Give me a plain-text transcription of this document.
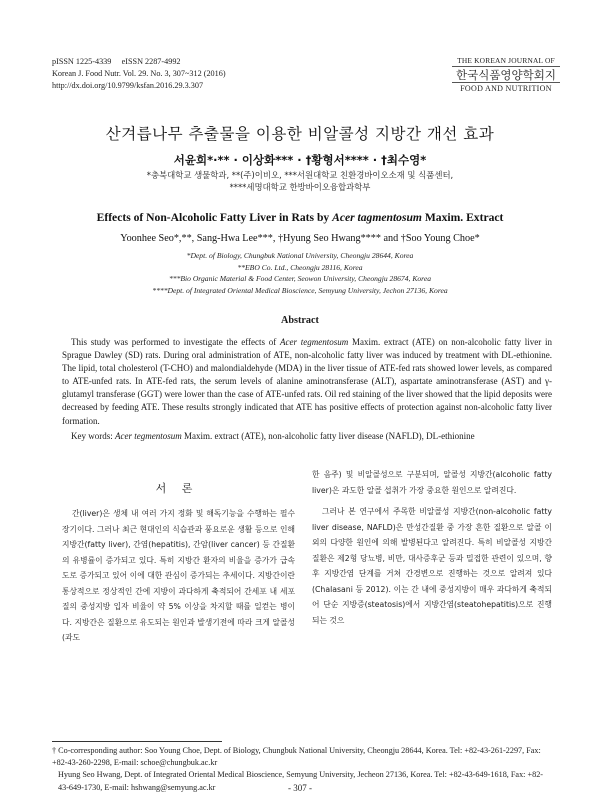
pISSN 1225-4339     eISSN 2287-4992
Korean J. Food Nutr. Vol. 29. No. 3, 307~312 (2016)
http://dx.doi.org/10.9799/ksfan.2016.29.3.307
THE KOREAN JOURNAL OF
한국식품영양학회지
FOOD AND NUTRITION
산겨릅나무 추출물을 이용한 비알콜성 지방간 개선 효과
서윤희*·** · 이상화*** · †황형서**** · †최수영*
*충북대학교 생물학과, **(주)이비오, ***서원대학교 친환경바이오소재 및 식품센터,
****세명대학교 한방바이오융합과학부
Effects of Non-Alcoholic Fatty Liver in Rats by Acer tagmentosum Maxim. Extract
Yoonhee Seo*,**, Sang-Hwa Lee***, †Hyung Seo Hwang**** and †Soo Young Choe*
*Dept. of Biology, Chungbuk National University, Cheongju 28644, Korea
**EBO Co. Ltd., Cheongju 28116, Korea
***Bio Organic Material & Food Center, Seowon University, Cheongju 28674, Korea
****Dept. of Integrated Oriental Medical Bioscience, Semyung University, Jechon 27136, Korea
Abstract

This study was performed to investigate the effects of Acer tegmentosum Maxim. extract (ATE) on non-alcoholic fatty liver in Sprague Dawley (SD) rats. During oral administration of ATE, non-alcoholic fatty liver was induced by treatment with DL-ethionine. The lipid, total cholesterol (T-CHO) and malondialdehyde (MDA) in the liver tissue of ATE-fed rats showed lower levels, as compared to ATE-unfed rats. In ATE-fed rats, the serum levels of alanine aminotransferase (ALT), aspartate aminotransferase (AST) and γ-glutamyl transferase (GGT) were lower than the case of ATE-unfed rats. Oil red staining of the liver showed that the lipid deposits were decreased by feeding ATE. These results strongly indicated that ATE has positive effects of protection against non-alcoholic fatty liver formation.

Key words: Acer tegmentosum Maxim. extract (ATE), non-alcoholic fatty liver disease (NAFLD), DL-ethionine

서 론

간(liver)은 생체 내 여러 가지 정화 및 해독기능을 수행하는 필수 장기이다. 그러나 최근 현대인의 식습관과 풍요로운 생활 등으로 인해 지방간(fatty liver), 간염(hepatitis), 간암(liver cancer) 등 간질환의 유병률이 증가되고 있다. 특히 지방간 환자의 비율을 증가가 급속도로 증가되고 있어 이에 대한 관심이 증가되는 추세이다. 지방간이란 통상적으로 정상적인 간에 지방이 과다하게 축적되어 간세포 내 세포질의 중성지방 입자 비율이 약 5% 이상을 차지할 때를 일컫는 병이다. 지방간은 질환으로 유도되는 원인과 발생기전에 따라 크게 알콜성(과도

한 음주) 및 비알콜성으로 구분되며, 알콜성 지방간(alcoholic fatty liver)은 과도한 알콜 섭취가 가장 중요한 원인으로 알려진다.

그러나 본 연구에서 주목한 비알콜성 지방간(non-alcoholic fatty liver disease, NAFLD)은 만성간질환 중 가장 흔한 질환으로 알콜 이외의 다양한 원인에 의해 발병된다고 알려진다. 특히 비알콜성 지방간 질환은 제2형 당뇨병, 비만, 대사증후군 등과 밀접한 관련이 있으며, 향후 지방간염 단계를 거쳐 간경변으로 진행하는 것으로 알려져 있다(Chalasani 등 2012). 이는 간 내에 중성지방이 매우 과다하게 축적되어 단순 지방증(steatosis)에서 지방간염(steatohepatitis)으로 진행되는 것으

† Co-corresponding author: Soo Young Choe, Dept. of Biology, Chungbuk National University, Cheongju 28644, Korea. Tel: +82-43-261-2297, Fax: +82-43-260-2298, E-mail: schoe@chungbuk.ac.kr

Hyung Seo Hwang, Dept. of Integrated Oriental Medical Bioscience, Semyung University, Jecheon 27136, Korea. Tel: +82-43-649-1618, Fax: +82-43-649-1730, E-mail: hshwang@semyung.ac.kr	- 307 -
